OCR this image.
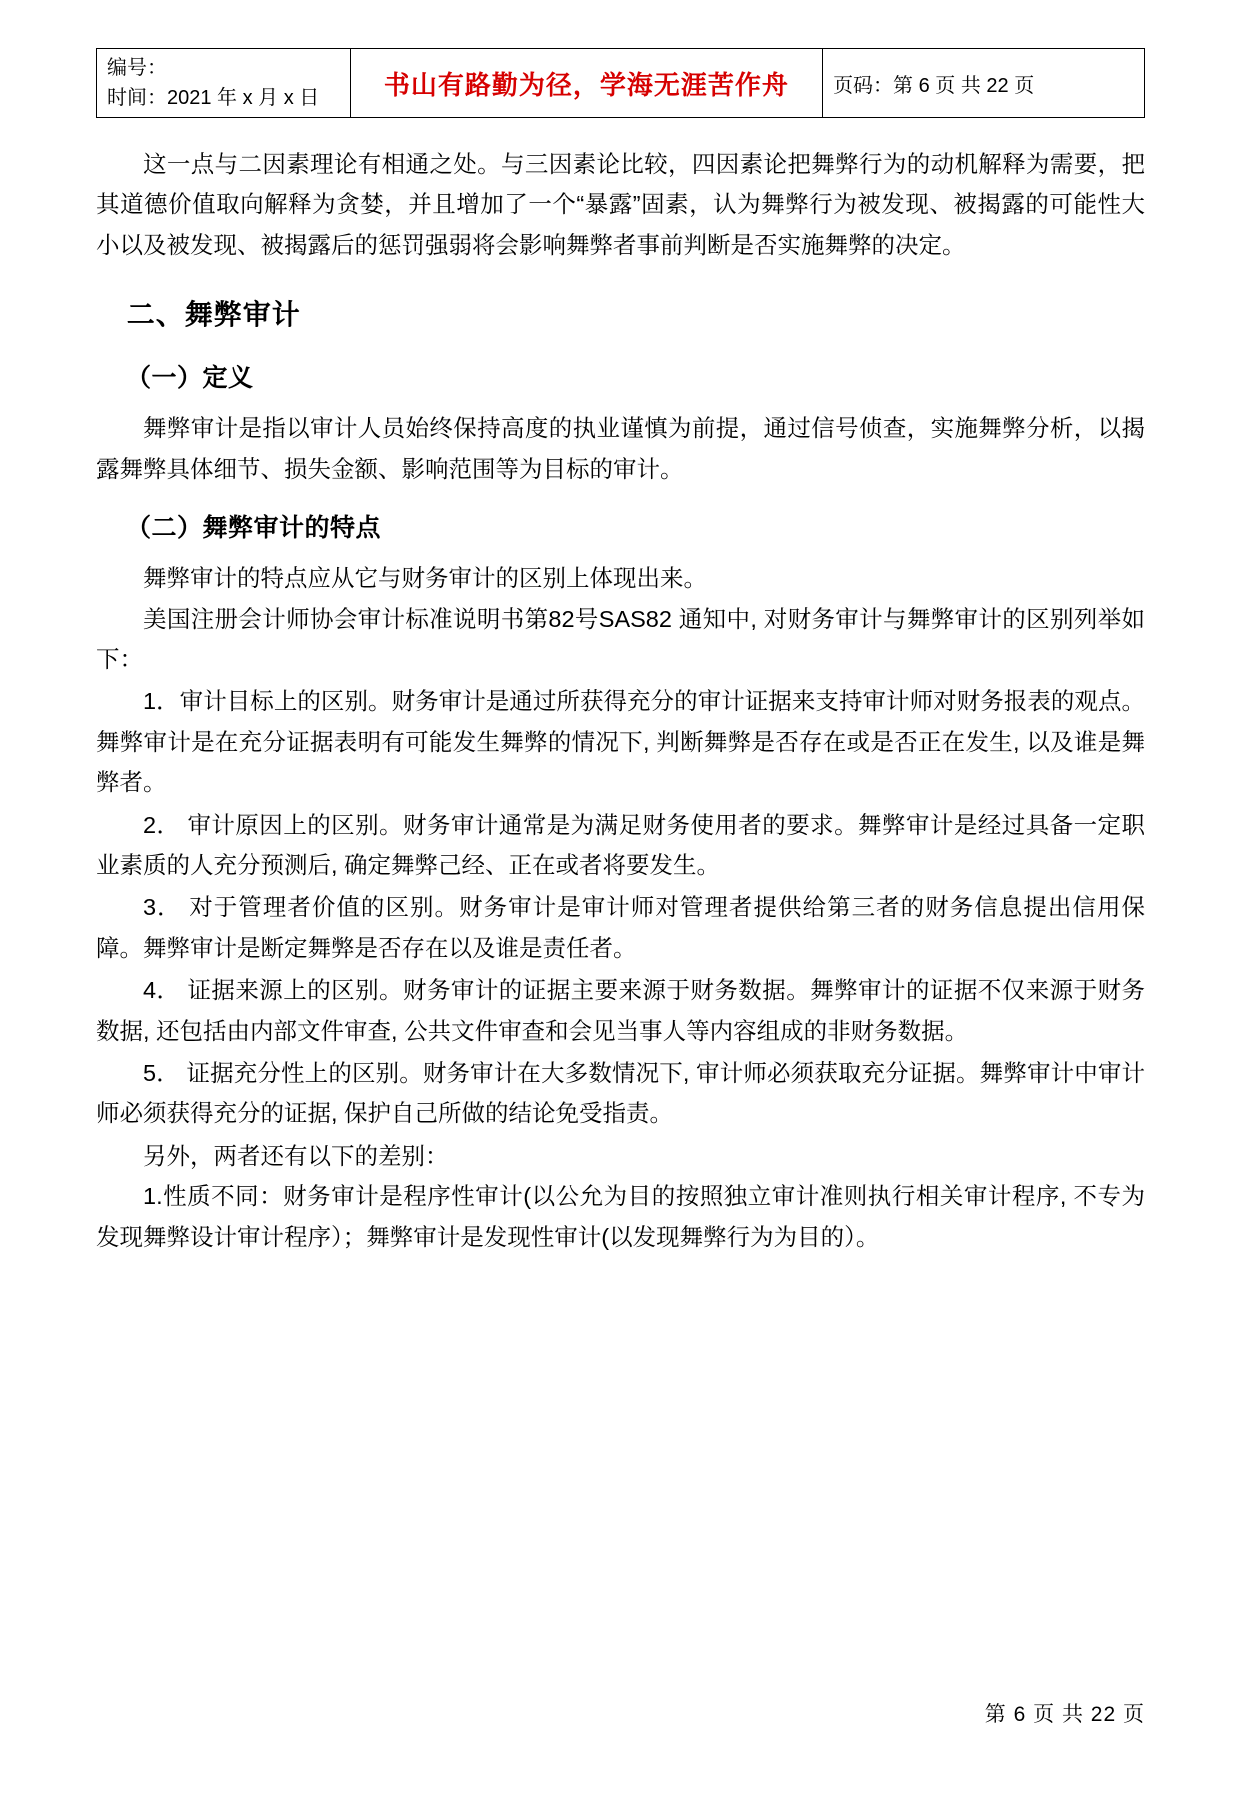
编号：
时间：2021 年 x 月 x 日	书山有路勤为径，学海无涯苦作舟	页码：第 6 页 共 22 页

这一点与二因素理论有相通之处。与三因素论比较，四因素论把舞弊行为的动机解释为需要，把其道德价值取向解释为贪婪，并且增加了一个“暴露”固素，认为舞弊行为被发现、被揭露的可能性大小以及被发现、被揭露后的惩罚强弱将会影响舞弊者事前判断是否实施舞弊的决定。

二、舞弊审计
（一）定义

舞弊审计是指以审计人员始终保持高度的执业谨慎为前提，通过信号侦查，实施舞弊分析，以揭露舞弊具体细节、损失金额、影响范围等为目标的审计。

（二）舞弊审计的特点

舞弊审计的特点应从它与财务审计的区别上体现出来。

美国注册会计师协会审计标准说明书第82号SAS82 通知中, 对财务审计与舞弊审计的区别列举如下：

1．审计目标上的区别。财务审计是通过所获得充分的审计证据来支持审计师对财务报表的观点。舞弊审计是在充分证据表明有可能发生舞弊的情况下, 判断舞弊是否存在或是否正在发生, 以及谁是舞弊者。

2． 审计原因上的区别。财务审计通常是为满足财务使用者的要求。舞弊审计是经过具备一定职业素质的人充分预测后, 确定舞弊己经、正在或者将要发生。

3． 对于管理者价值的区别。财务审计是审计师对管理者提供给第三者的财务信息提出信用保障。舞弊审计是断定舞弊是否存在以及谁是责任者。

4． 证据来源上的区别。财务审计的证据主要来源于财务数据。舞弊审计的证据不仅来源于财务数据, 还包括由内部文件审查, 公共文件审查和会见当事人等内容组成的非财务数据。

5． 证据充分性上的区别。财务审计在大多数情况下, 审计师必须获取充分证据。舞弊审计中审计师必须获得充分的证据, 保护自己所做的结论免受指责。

另外，两者还有以下的差别：

1.性质不同：财务审计是程序性审计(以公允为目的按照独立审计准则执行相关审计程序, 不专为发现舞弊设计审计程序）；舞弊审计是发现性审计(以发现舞弊行为为目的）。

第 6 页 共 22 页
